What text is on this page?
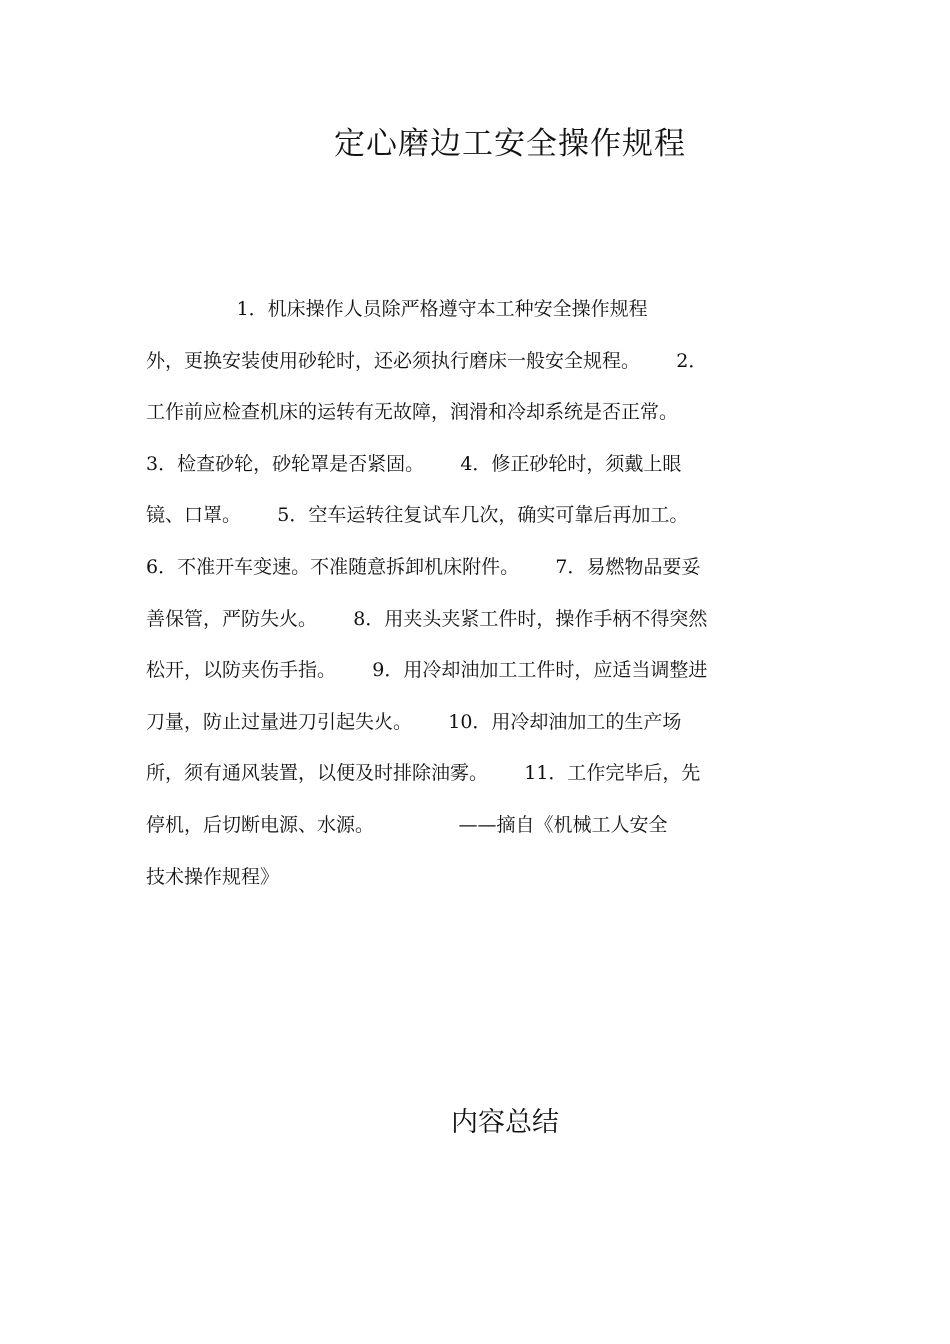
定心磨边工安全操作规程
1．机床操作人员除严格遵守本工种安全操作规程
外，更换安装使用砂轮时，还必须执行磨床一般安全规程。      2．
工作前应检查机床的运转有无故障，润滑和冷却系统是否正常。
3．检查砂轮，砂轮罩是否紧固。      4．修正砂轮时，须戴上眼
镜、口罩。      5．空车运转往复试车几次，确实可靠后再加工。
6．不准开车变速。不准随意拆卸机床附件。      7．易燃物品要妥
善保管，严防失火。      8．用夹头夹紧工件时，操作手柄不得突然
松开，以防夹伤手指。      9．用冷却油加工工件时，应适当调整进
刀量，防止过量进刀引起失火。      10．用冷却油加工的生产场
所，须有通风装置，以便及时排除油雾。      11．工作完毕后，先
停机，后切断电源、水源。              ——摘自《机械工人安全
技术操作规程》
内容总结
